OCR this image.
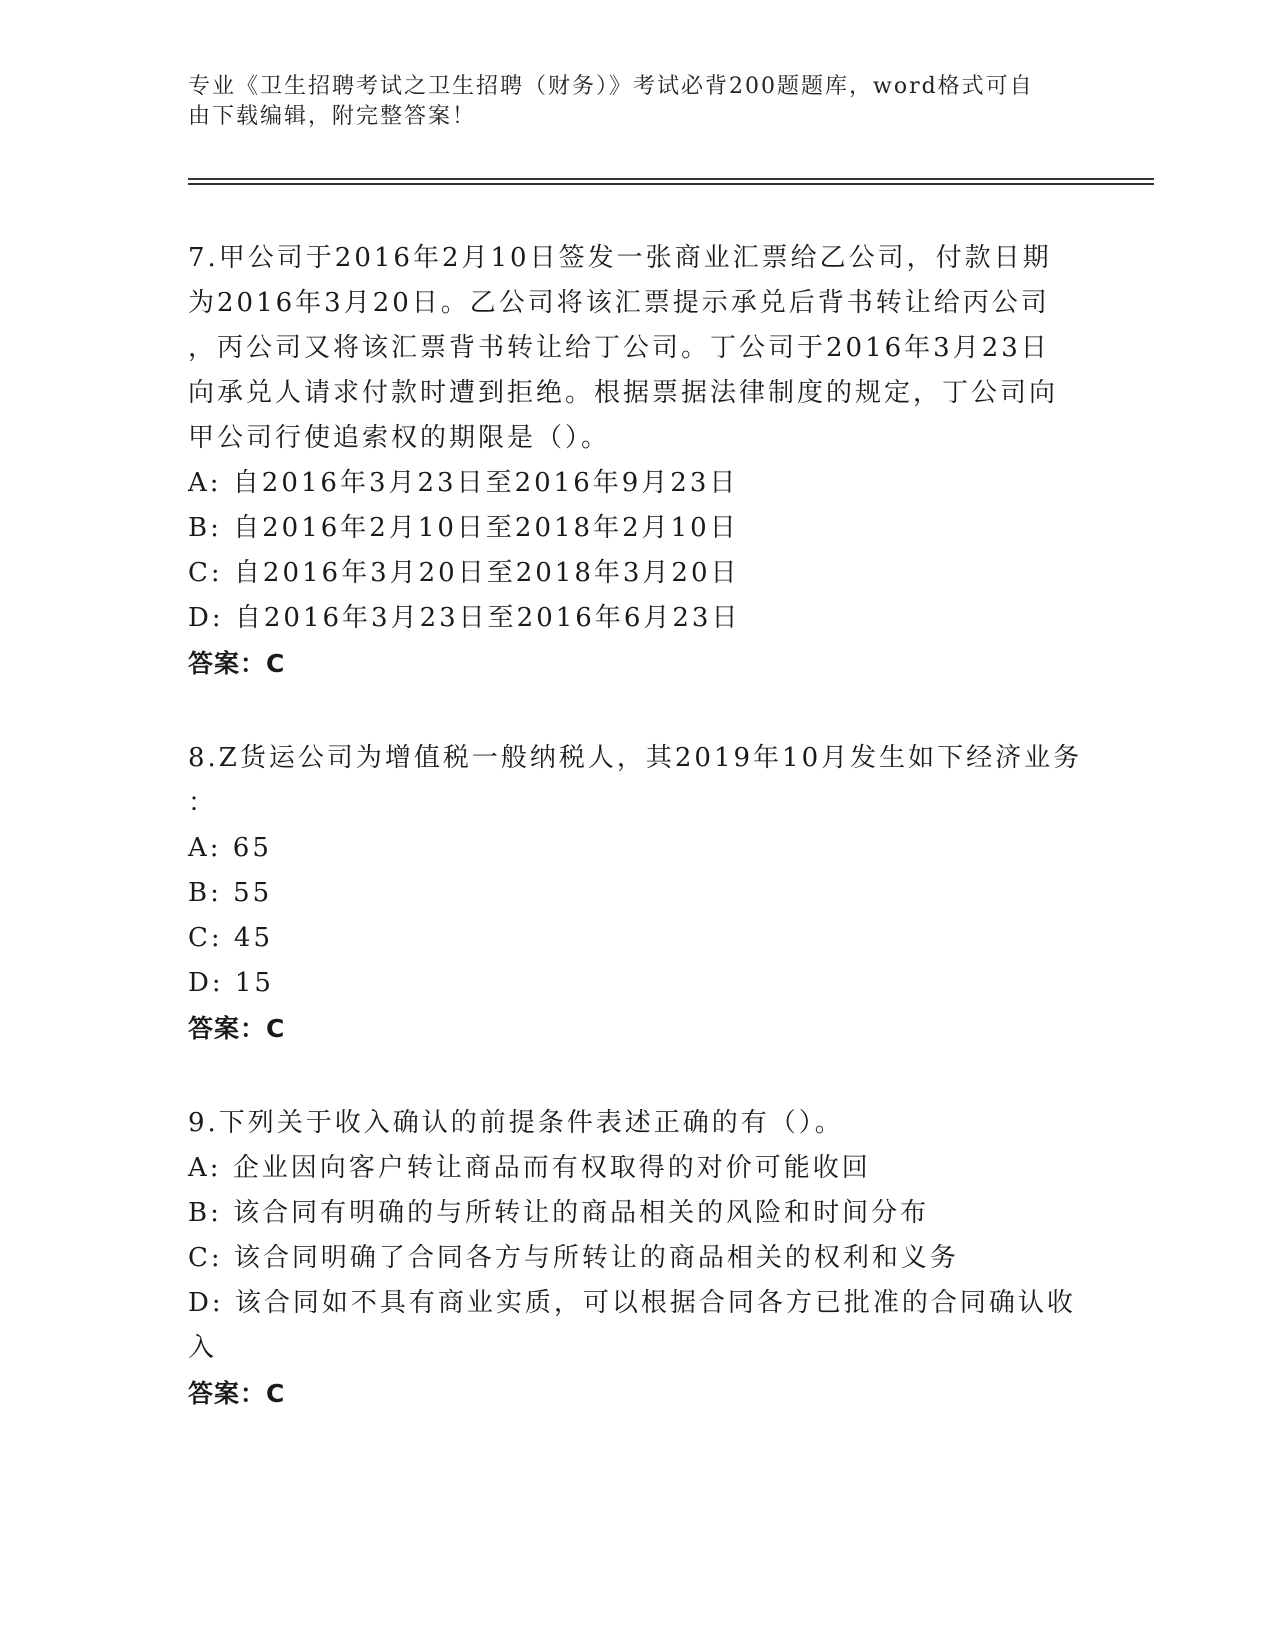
专业《卫生招聘考试之卫生招聘（财务）》考试必背200题题库，word格式可自
由下载编辑，附完整答案！
7.甲公司于2016年2月10日签发一张商业汇票给乙公司，付款日期
为2016年3月20日。乙公司将该汇票提示承兑后背书转让给丙公司
，丙公司又将该汇票背书转让给丁公司。丁公司于2016年3月23日
向承兑人请求付款时遭到拒绝。根据票据法律制度的规定，丁公司向
甲公司行使追索权的期限是（）。
A: 自2016年3月23日至2016年9月23日
B: 自2016年2月10日至2018年2月10日
C: 自2016年3月20日至2018年3月20日
D: 自2016年3月23日至2016年6月23日
答案：C
8.Z货运公司为增值税一般纳税人，其2019年10月发生如下经济业务
：
A: 65
B: 55
C: 45
D: 15
答案：C
9.下列关于收入确认的前提条件表述正确的有（）。
A: 企业因向客户转让商品而有权取得的对价可能收回
B: 该合同有明确的与所转让的商品相关的风险和时间分布
C: 该合同明确了合同各方与所转让的商品相关的权利和义务
D: 该合同如不具有商业实质，可以根据合同各方已批准的合同确认收
入
答案：C
